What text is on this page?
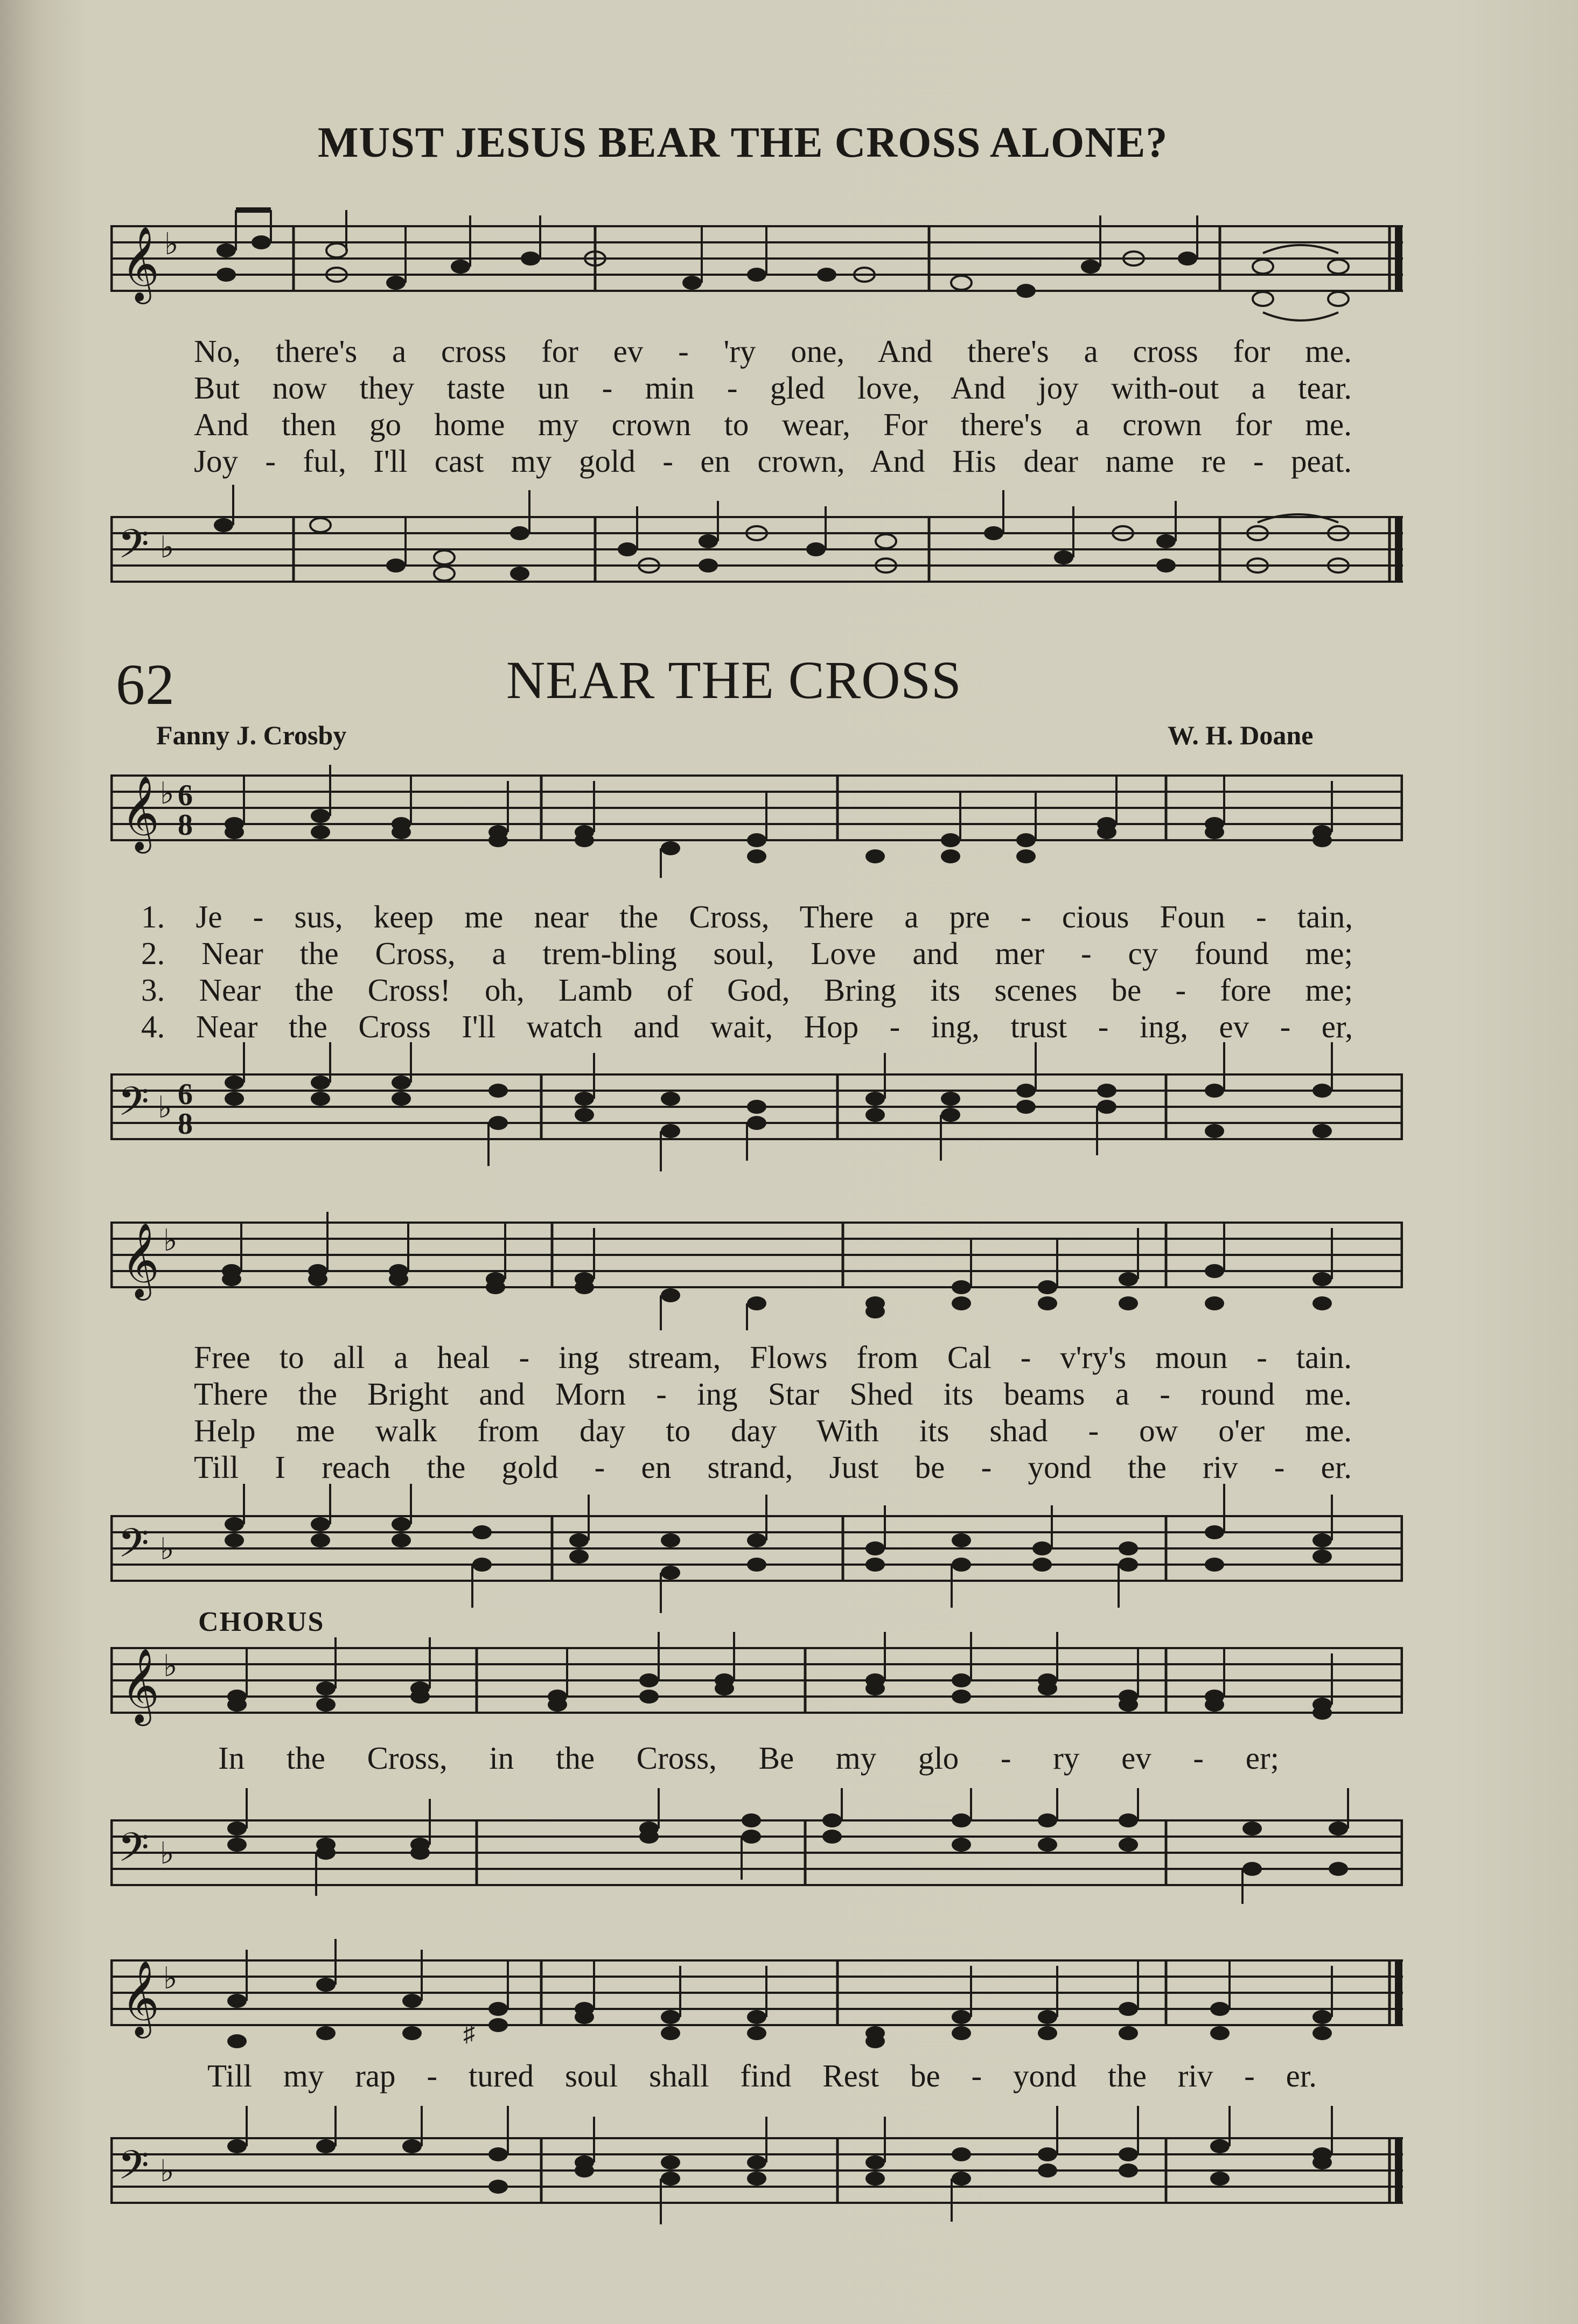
MUST JESUS BEAR THE CROSS ALONE?
𝄞 ♭
No, there's a cross for ev - 'ry one, And there's a cross for me.
But now they taste un - min - gled love, And joy with-out a tear.
And then go home my crown to wear, For there's a crown for me.
Joy - ful, I'll cast my gold - en crown, And His dear name re - peat.
𝄢 ♭
62	NEAR THE CROSS
Fanny J. Crosby	W. H. Doane
𝄞 ♭ 6
8
1. Je - sus, keep me near the Cross, There a pre - cious Foun - tain,
2. Near the Cross, a trem-bling soul, Love and mer - cy found me;
3. Near the Cross! oh, Lamb of God, Bring its scenes be - fore me;
4. Near the Cross I'll watch and wait, Hop - ing, trust - ing, ev - er,
𝄢 ♭ 6
8
𝄞 ♭
Free to all a heal - ing stream, Flows from Cal - v'ry's moun - tain.
There the Bright and Morn - ing Star Shed its beams a - round me.
Help me walk from day to day With its shad - ow o'er me.
Till I reach the gold - en strand, Just be - yond the riv - er.
𝄢 ♭
CHORUS
𝄞 ♭
In the Cross, in the Cross, Be my glo - ry ev - er;
𝄢 ♭
𝄞 ♭
♯
Till my rap - tured soul shall find Rest be - yond the riv - er.
𝄢 ♭
